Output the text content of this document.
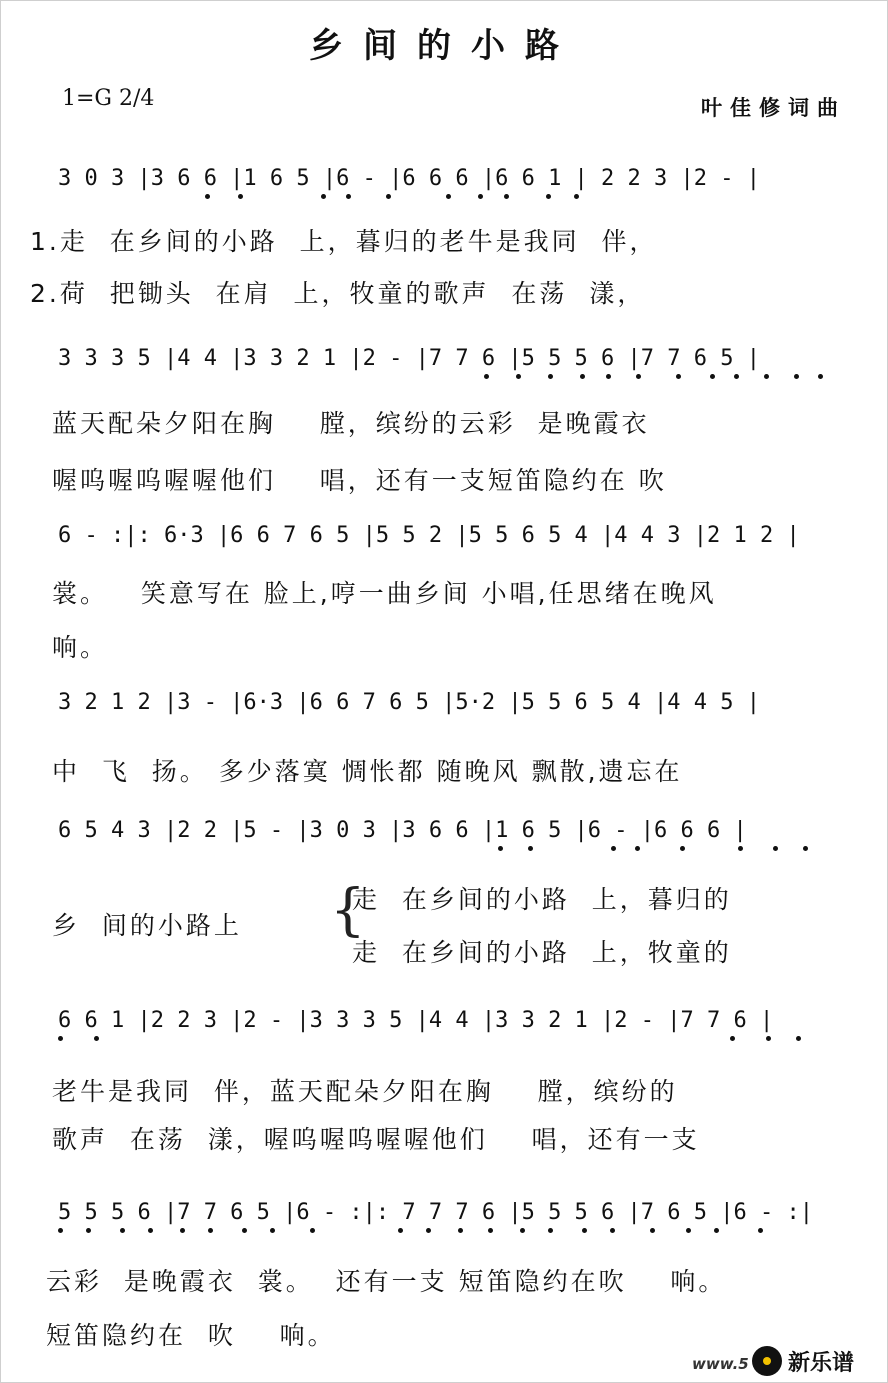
乡间的小路
1=G 2/4	叶佳修词曲
3 0 3 |3 6 6 |1 6 5 |6 - |6 6 6 |6 6 1 | 2 2 3 |2 - |
1.走  在乡间的小路  上，暮归的老牛是我同  伴，
2.荷  把锄头  在肩  上，牧童的歌声  在荡  漾，
3 3 3 5 |4 4 |3 3 2 1 |2 - |7 7 6 |5 5 5 6 |7 7 6 5 |
蓝天配朵夕阳在胸    膛，缤纷的云彩  是晚霞衣
喔呜喔呜喔喔他们    唱，还有一支短笛隐约在 吹
6 - :|: 6·3 |6 6 7 6 5 |5 5 2 |5 5 6 5 4 |4 4 3 |2 1 2 |
裳。   笑意写在 脸上,哼一曲乡间 小唱,任思绪在晚风
响。
3 2 1 2 |3 - |6·3 |6 6 7 6 5 |5·2 |5 5 6 5 4 |4 4 5 |
中  飞  扬。 多少落寞 惆怅都 随晚风 飘散,遗忘在
6 5 4 3 |2 2 |5 - |3 0 3 |3 6 6 |1 6 5 |6 - |6 6 6 |
乡  间的小路上 {
走  在乡间的小路  上，暮归的
走  在乡间的小路  上，牧童的
6 6 1 |2 2 3 |2 - |3 3 3 5 |4 4 |3 3 2 1 |2 - |7 7 6 |
老牛是我同  伴，蓝天配朵夕阳在胸    膛，缤纷的
歌声  在荡  漾，喔呜喔呜喔喔他们    唱，还有一支
5 5 5 6 |7 7 6 5 |6 - :|: 7 7 7 6 |5 5 5 6 |7 6 5 |6 - :|
云彩  是晚霞衣  裳。  还有一支 短笛隐约在吹    响。
短笛隐约在  吹    响。
www.5 新乐谱
